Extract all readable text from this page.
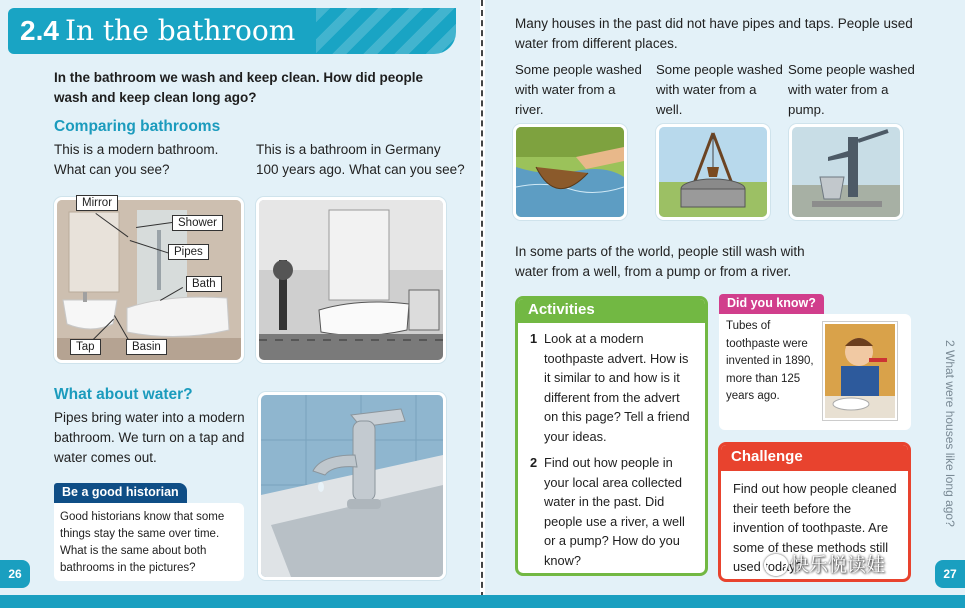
2.4 In the bathroom
In the bathroom we wash and keep clean. How did people wash and keep clean long ago?
Comparing bathrooms
This is a modern bathroom. What can you see?
This is a bathroom in Germany 100 years ago. What can you see?
Mirror
Shower
Pipes
Bath
Tap	Basin
What about water?
Pipes bring water into a modern bathroom. We turn on a tap and water comes out.
Be a good historian
Good historians know that some things stay the same over time. What is the same about both bathrooms in the pictures?
26
Many houses in the past did not have pipes and taps. People used water from different places.
Some people washed with water from a river.
Some people washed with water from a well.
Some people washed with water from a pump.
In some parts of the world, people still wash with water from a well, from a pump or from a river.
Activities
1 Look at a modern toothpaste advert. How is it similar to and how is it different from the advert on this page? Tell a friend your ideas.
2 Find out how people in your local area collected water in the past. Did people use a river, a well or a pump? How do you know?
Did you know?
Tubes of toothpaste were invented in 1890, more than 125 years ago.
Challenge
Find out how people cleaned their teeth before the invention of toothpaste. Are some of these methods still used today?
2 What were houses like long ago?
快乐悦读娃	27
